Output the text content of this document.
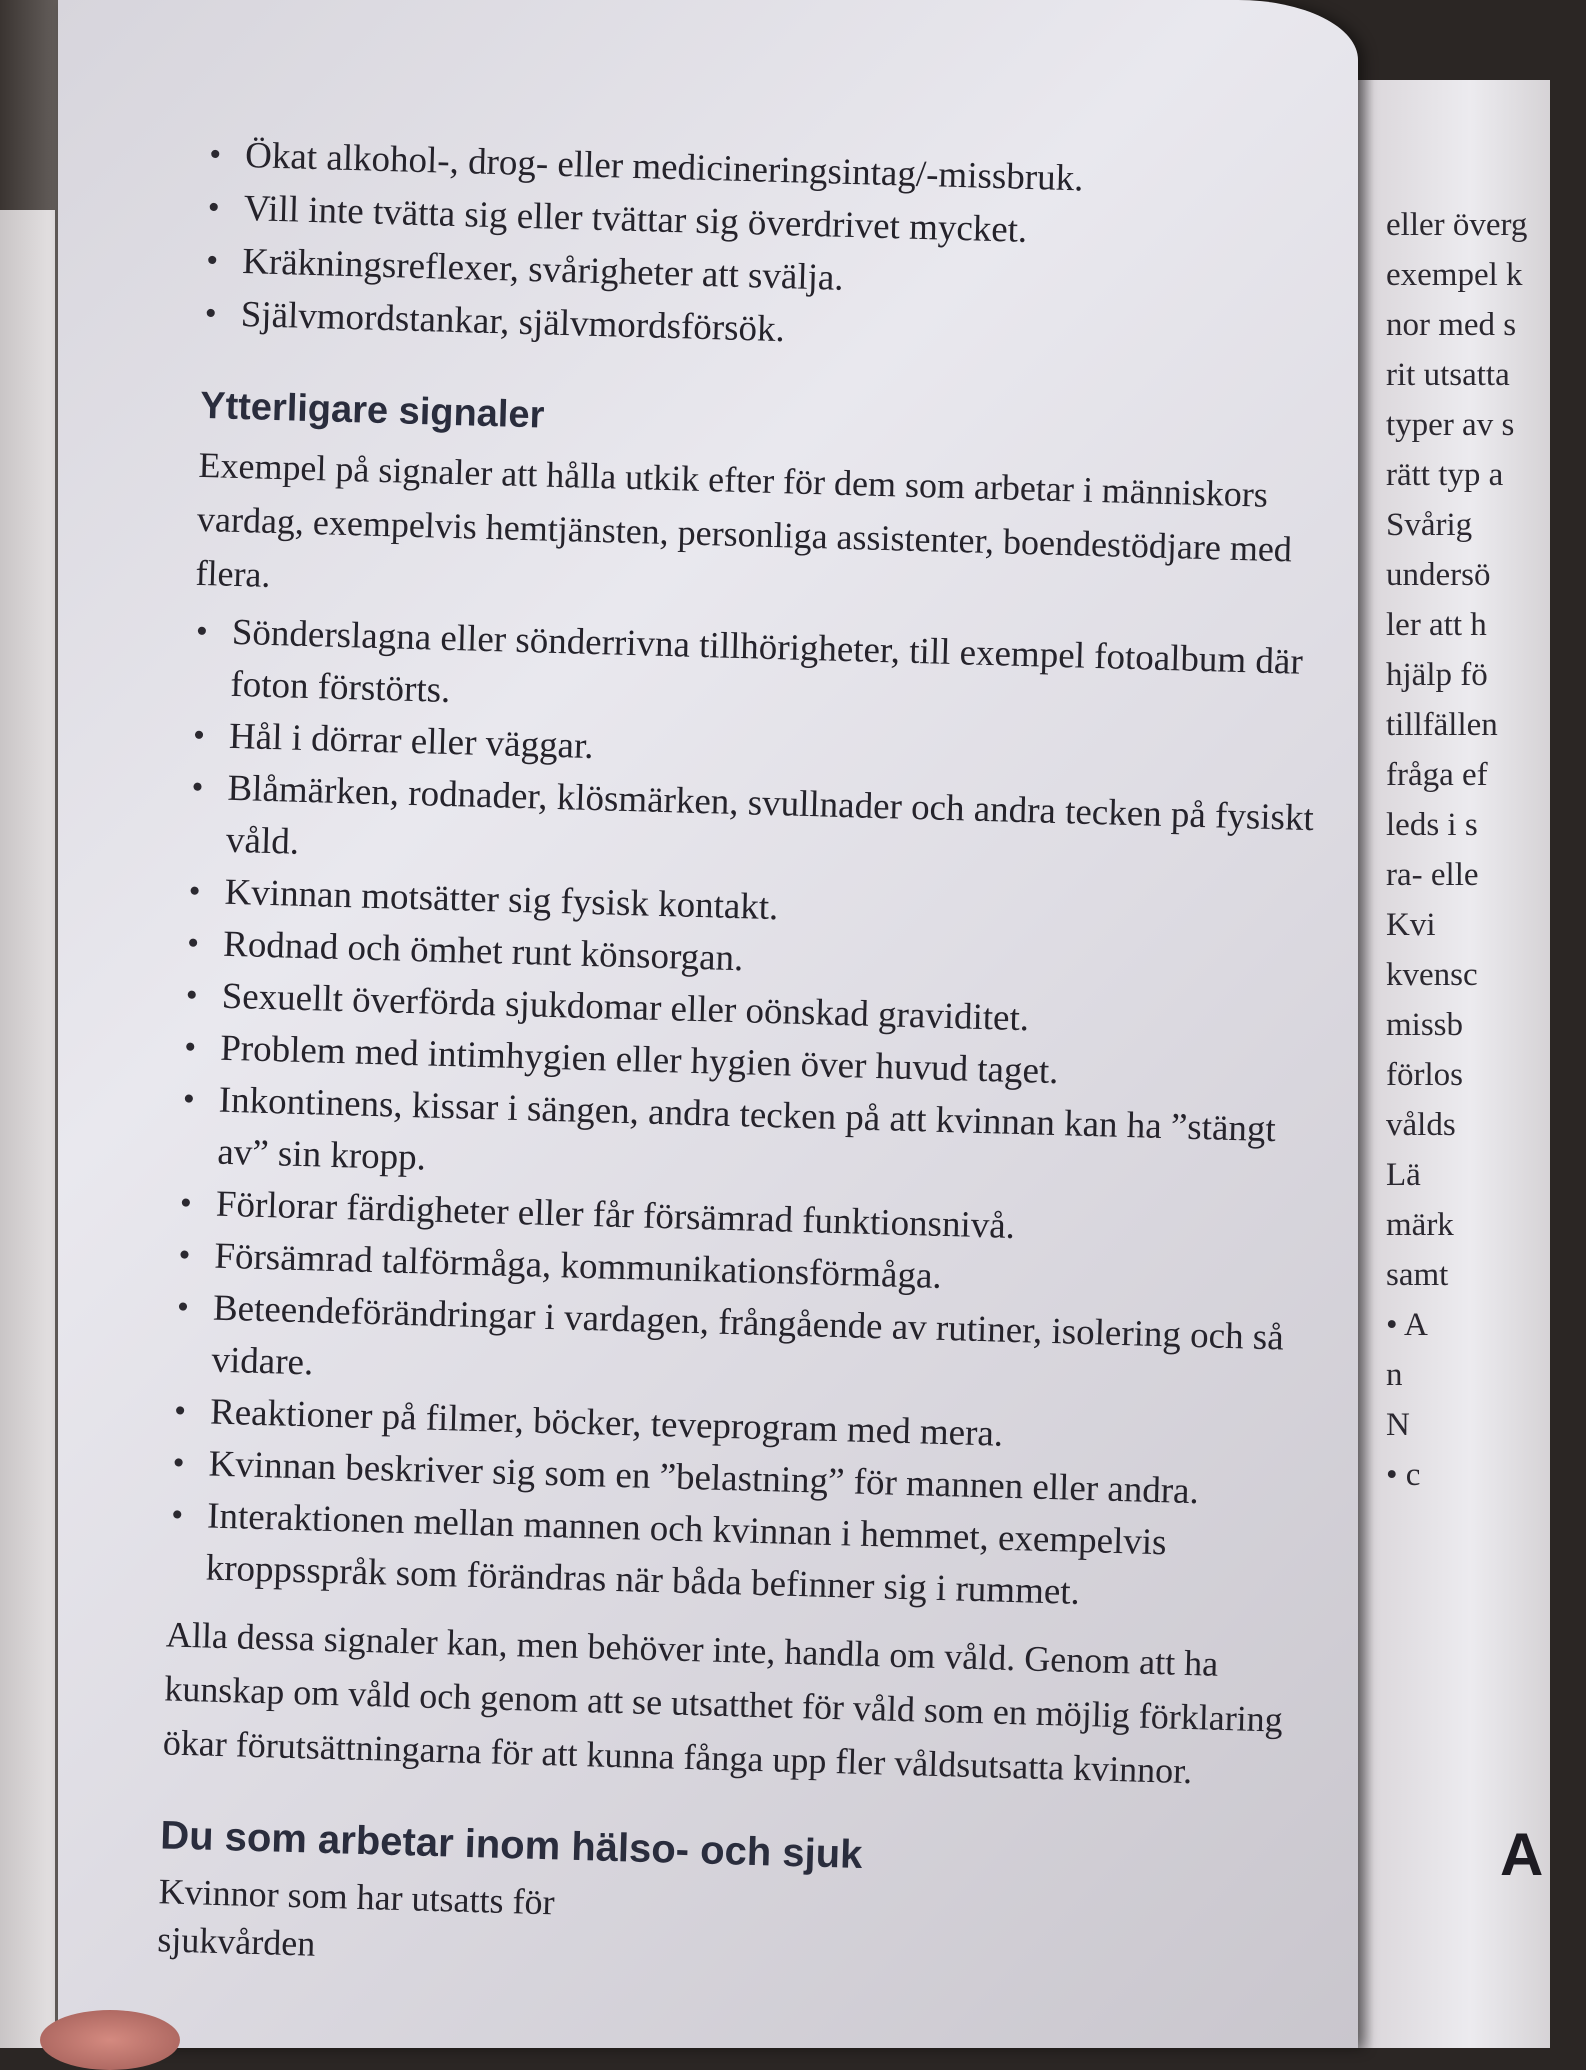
eller överg
exempel k
nor med s
rit utsatta
typer av s
rätt typ a
Svårig
undersö
ler att h
hjälp fö
tillfällen
fråga ef
leds i s
ra- elle
Kvi
kvensc
missb
förlos
vålds
Lä
märk
samt
• A
n
N
• c
A
• Ökat alkohol-, drog- eller medicineringsintag/-missbruk.
• Vill inte tvätta sig eller tvättar sig överdrivet mycket.
• Kräkningsreflexer, svårigheter att svälja.
• Självmordstankar, självmordsförsök.
Ytterligare signaler

Exempel på signaler att hålla utkik efter för dem som arbetar i människors vardag, exempelvis hemtjänsten, personliga assistenter, boendestödjare med flera.

• Sönderslagna eller sönderrivna tillhörigheter, till exempel fotoalbum där foton förstörts.
• Hål i dörrar eller väggar.
• Blåmärken, rodnader, klösmärken, svullnader och andra tecken på fysiskt våld.
• Kvinnan motsätter sig fysisk kontakt.
• Rodnad och ömhet runt könsorgan.
• Sexuellt överförda sjukdomar eller oönskad graviditet.
• Problem med intimhygien eller hygien över huvud taget.
• Inkontinens, kissar i sängen, andra tecken på att kvinnan kan ha ”stängt av” sin kropp.
• Förlorar färdigheter eller får försämrad funktionsnivå.
• Försämrad talförmåga, kommunikationsförmåga.
• Beteendeförändringar i vardagen, frångående av rutiner, isolering och så vidare.
• Reaktioner på filmer, böcker, teveprogram med mera.
• Kvinnan beskriver sig som en ”belastning” för mannen eller andra.
• Interaktionen mellan mannen och kvinnan i hemmet, exempelvis kroppsspråk som förändras när båda befinner sig i rummet.

Alla dessa signaler kan, men behöver inte, handla om våld. Genom att ha kunskap om våld och genom att se utsatthet för våld som en möjlig förklaring ökar förutsättningarna för att kunna fånga upp fler våldsutsatta kvinnor.

Du som arbetar inom hälso- och sjuk

Kvinnor som har utsatts för

sjukvården
